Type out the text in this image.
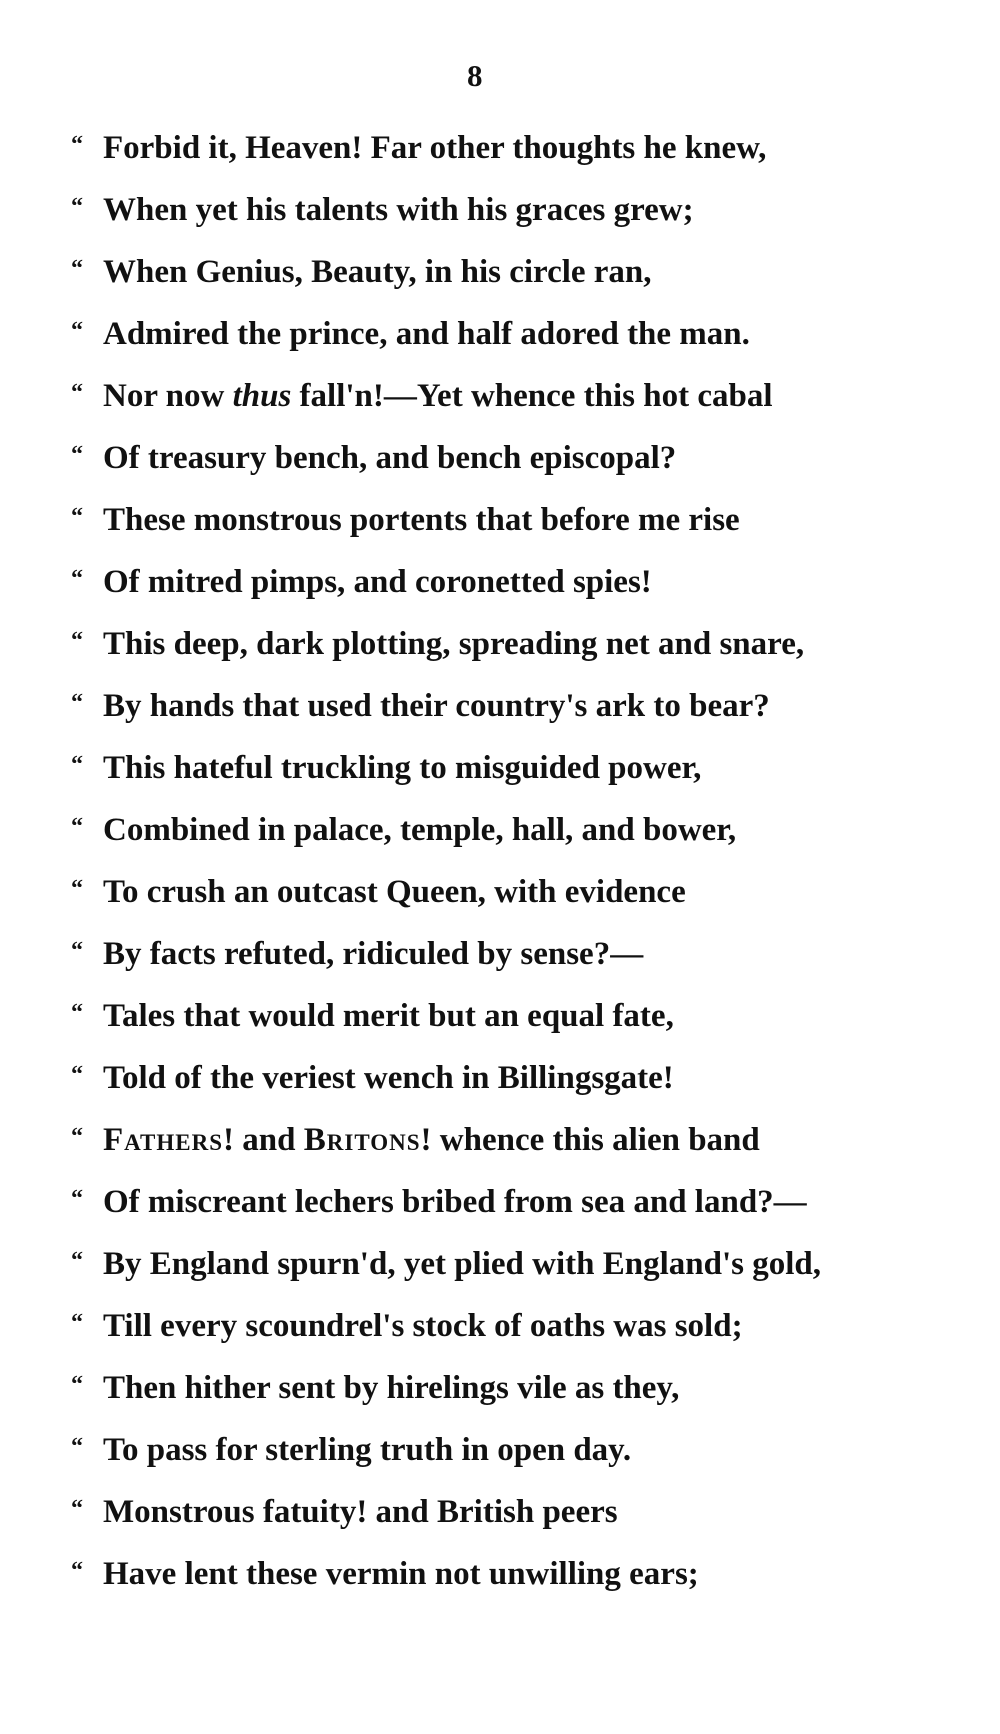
8
“ Forbid it, Heaven! Far other thoughts he knew,
“ When yet his talents with his graces grew;
“ When Genius, Beauty, in his circle ran,
“ Admired the prince, and half adored the man.
“ Nor now thus fall'n!—Yet whence this hot cabal
“ Of treasury bench, and bench episcopal?
“ These monstrous portents that before me rise
“ Of mitred pimps, and coronetted spies!
“ This deep, dark plotting, spreading net and snare,
“ By hands that used their country's ark to bear?
“ This hateful truckling to misguided power,
“ Combined in palace, temple, hall, and bower,
“ To crush an outcast Queen, with evidence
“ By facts refuted, ridiculed by sense?—
“ Tales that would merit but an equal fate,
“ Told of the veriest wench in Billingsgate!
“ Fathers! and Britons! whence this alien band
“ Of miscreant lechers bribed from sea and land?—
“ By England spurn'd, yet plied with England's gold,
“ Till every scoundrel's stock of oaths was sold;
“ Then hither sent by hirelings vile as they,
“ To pass for sterling truth in open day.
“ Monstrous fatuity! and British peers
“ Have lent these vermin not unwilling ears;
